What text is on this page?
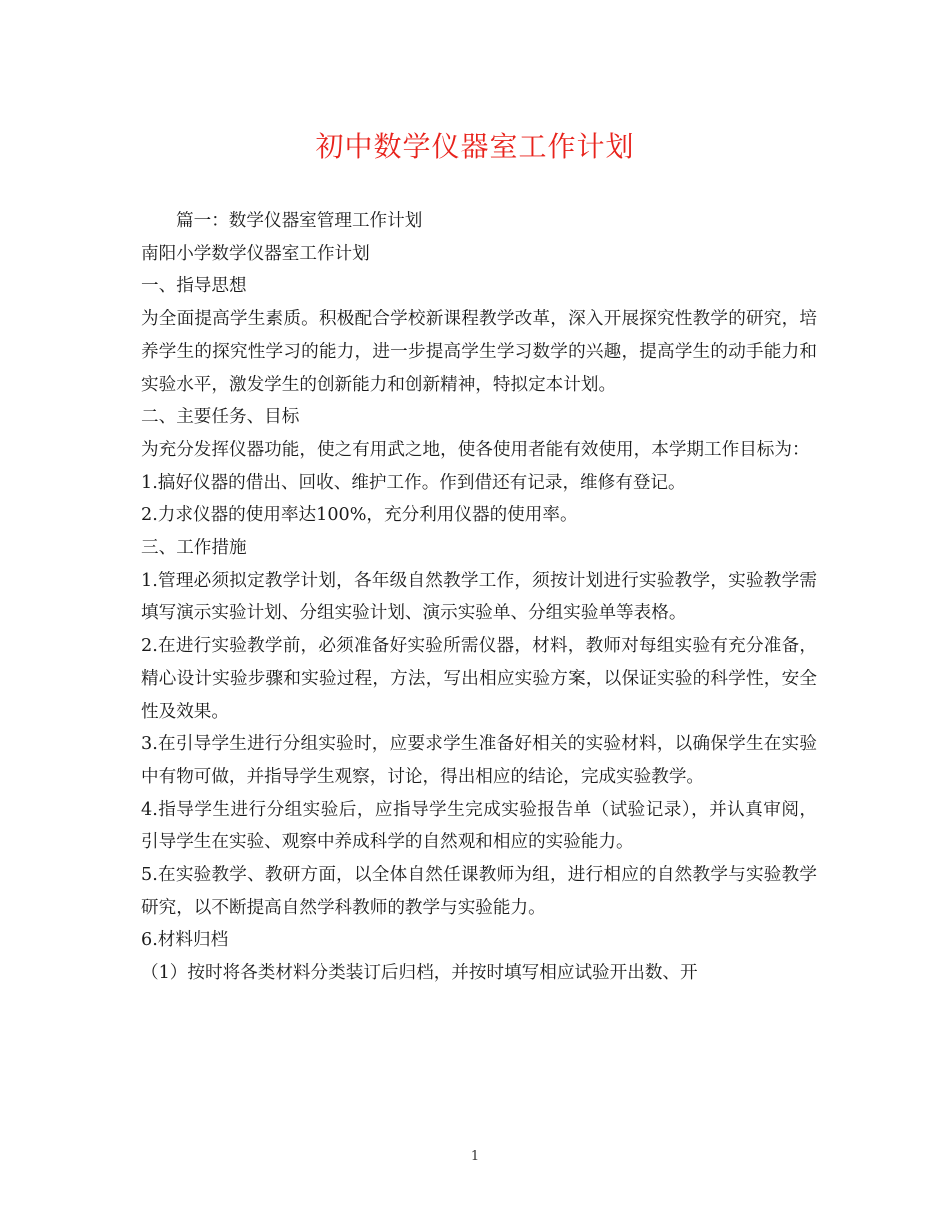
初中数学仪器室工作计划

篇一：数学仪器室管理工作计划

南阳小学数学仪器室工作计划

一、指导思想

为全面提高学生素质。积极配合学校新课程教学改革，深入开展探究性教学的研究，培养学生的探究性学习的能力，进一步提高学生学习数学的兴趣，提高学生的动手能力和实验水平，激发学生的创新能力和创新精神，特拟定本计划。

二、主要任务、目标

为充分发挥仪器功能，使之有用武之地，使各使用者能有效使用，本学期工作目标为：

1.搞好仪器的借出、回收、维护工作。作到借还有记录，维修有登记。

2.力求仪器的使用率达100%，充分利用仪器的使用率。

三、工作措施

1.管理必须拟定教学计划，各年级自然教学工作，须按计划进行实验教学，实验教学需填写演示实验计划、分组实验计划、演示实验单、分组实验单等表格。

2.在进行实验教学前，必须准备好实验所需仪器，材料，教师对每组实验有充分准备，精心设计实验步骤和实验过程，方法，写出相应实验方案，以保证实验的科学性，安全性及效果。

3.在引导学生进行分组实验时，应要求学生准备好相关的实验材料，以确保学生在实验中有物可做，并指导学生观察，讨论，得出相应的结论，完成实验教学。

4.指导学生进行分组实验后，应指导学生完成实验报告单（试验记录），并认真审阅，引导学生在实验、观察中养成科学的自然观和相应的实验能力。

5.在实验教学、教研方面，以全体自然任课教师为组，进行相应的自然教学与实验教学研究，以不断提高自然学科教师的教学与实验能力。

6.材料归档

（1）按时将各类材料分类装订后归档，并按时填写相应试验开出数、开

1
